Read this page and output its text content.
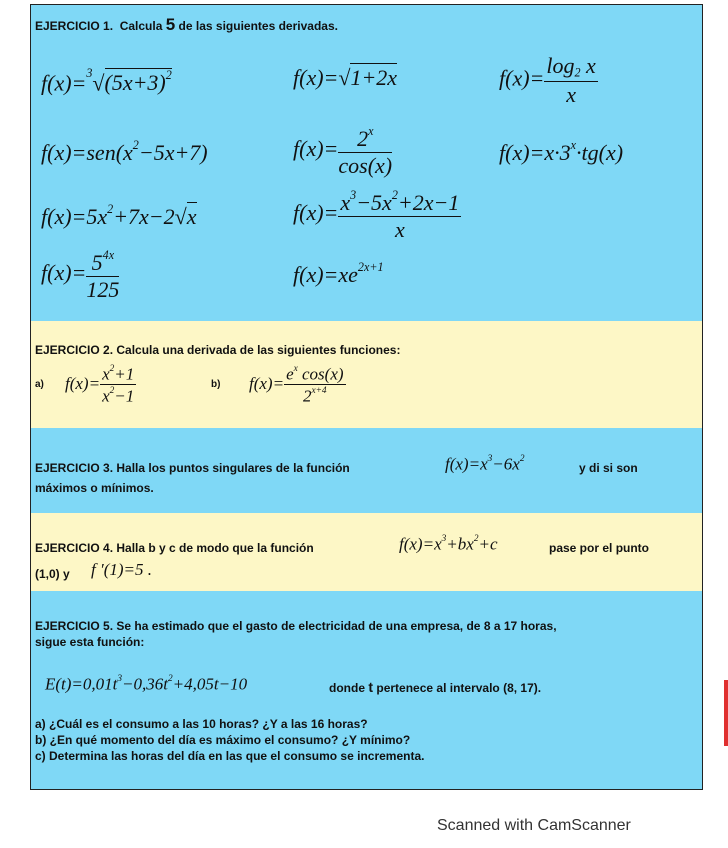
EJERCICIO 1. Calcula 5 de las siguientes derivadas.
$f(x)=^3√(5x+3)^2$	f(x)=√1+2x	$f(x)= \frac{\log 2 x}{x}$
$f(x)=sen(x^2-5x+7)$	$f(x)= \frac{2^x}{\cos(x)}$	$f(x)=x\cdot 3^x\cdot tg(x)$
$f(x)=5x^2+7x-2√x$	$f(x)= \frac{x^3-5x^2+2x-1}{x}$
$f(x)= \frac{5^{4x}}{125}$	$f(x)=xe^{2x+1}$
EJERCICIO 2. Calcula una derivada de las siguientes funciones:
a) $f(x)= \frac{x^2+1}{x^2-1}$	b) $f(x)= \frac{e^x \cos(x)}{2^{x+4}}$
EJERCICIO 3. Halla los puntos singulares de la función	$f(x)=x^3-6x^2$
y di si son
máximos o mínimos.
EJERCICIO 4. Halla b y c de modo que la función	$f(x)=x^3+bx^2+c$	pase por el punto
(1,0) y f ′(1)=5 .
EJERCICIO 5. Se ha estimado que el gasto de electricidad de una empresa, de 8 a 17 horas,
sigue esta función:
$E(t)=0,01t^3-0,36t^2+4,05t-10$	donde t pertenece al intervalo (8, 17).
a) ¿Cuál es el consumo a las 10 horas? ¿Y a las 16 horas?
b) ¿En qué momento del día es máximo el consumo? ¿Y mínimo?
c) Determina las horas del día en las que el consumo se incrementa.
Scanned with CamScanner
